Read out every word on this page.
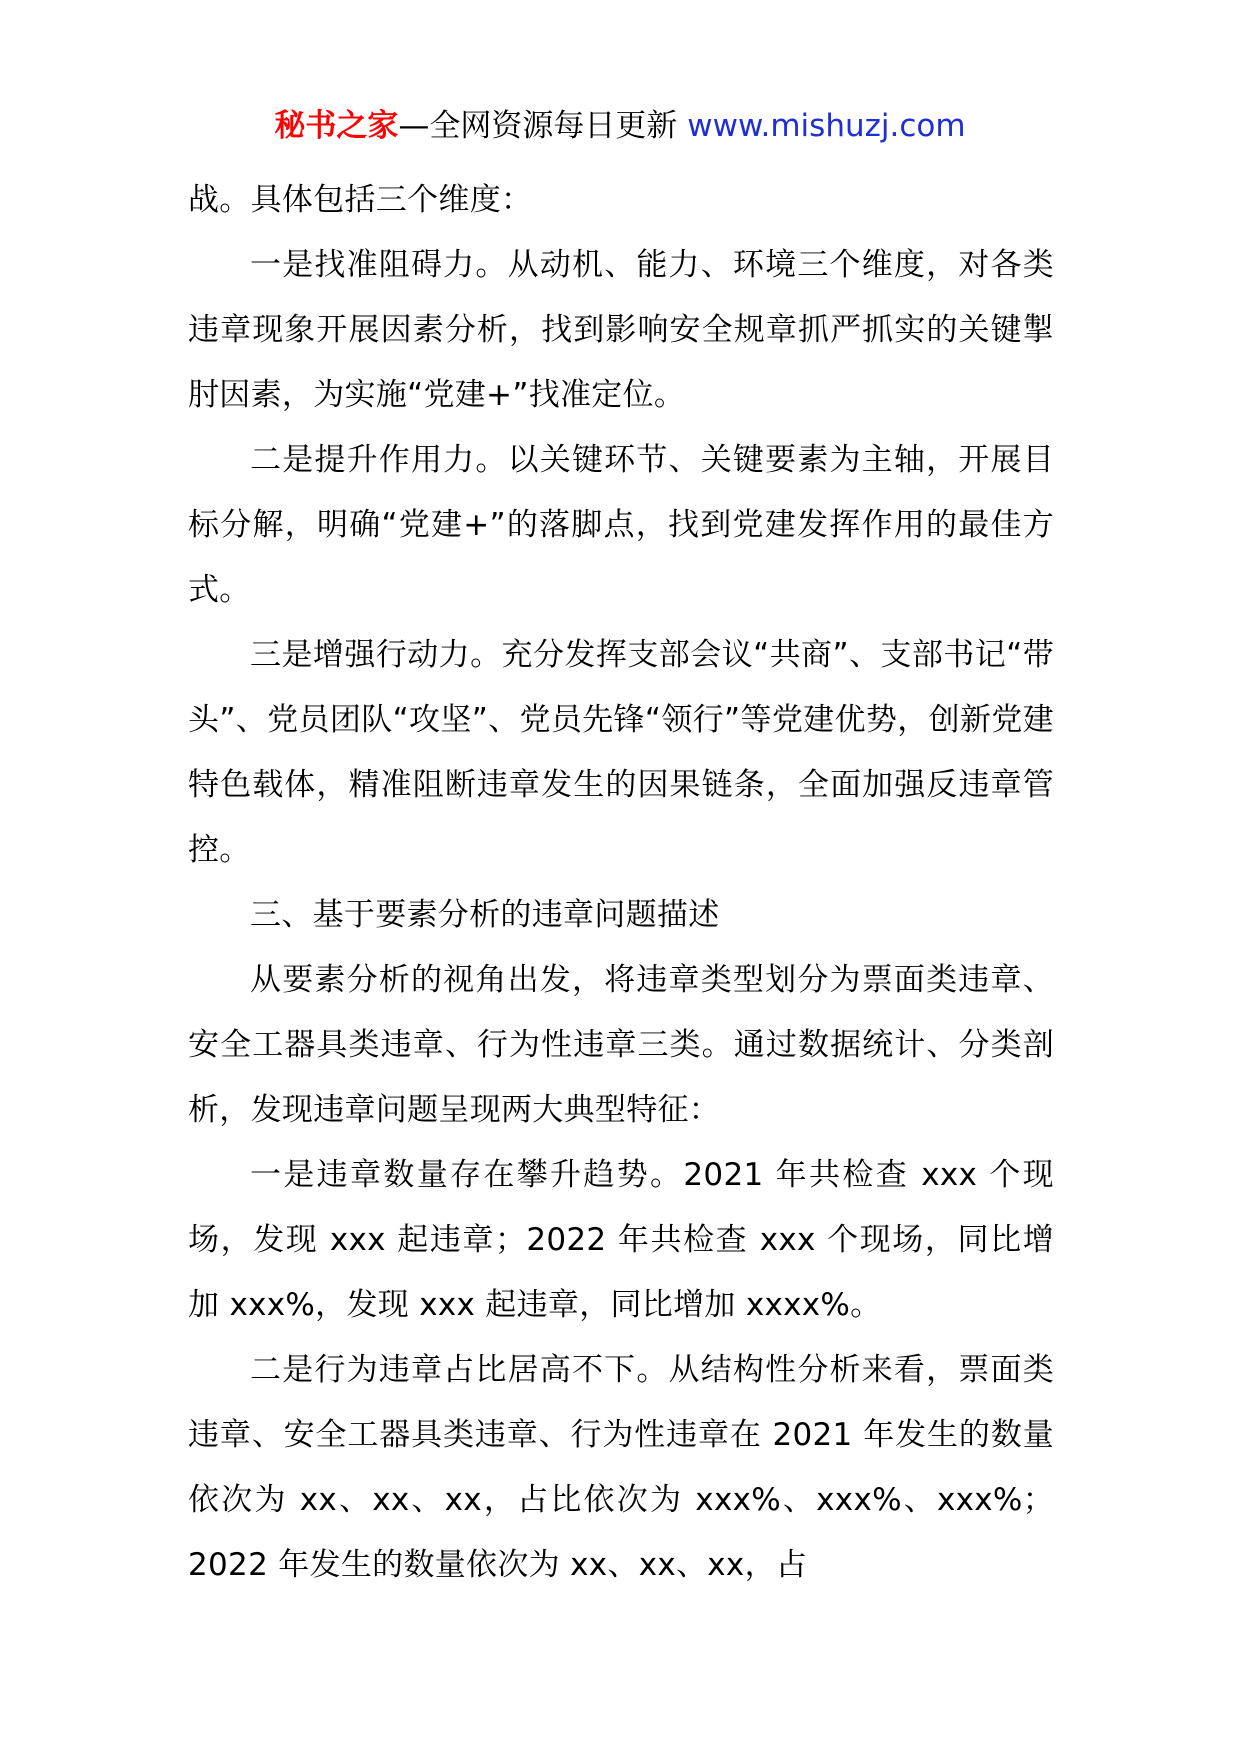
秘书之家—全网资源每日更新 www.mishuzj.com

战。具体包括三个维度：

一是找准阻碍力。从动机、能力、环境三个维度，对各类违章现象开展因素分析，找到影响安全规章抓严抓实的关键掣肘因素，为实施“党建+”找准定位。

二是提升作用力。以关键环节、关键要素为主轴，开展目标分解，明确“党建+”的落脚点，找到党建发挥作用的最佳方式。

三是增强行动力。充分发挥支部会议“共商”、支部书记“带头”、党员团队“攻坚”、党员先锋“领行”等党建优势，创新党建特色载体，精准阻断违章发生的因果链条，全面加强反违章管控。

三、基于要素分析的违章问题描述

从要素分析的视角出发，将违章类型划分为票面类违章、安全工器具类违章、行为性违章三类。通过数据统计、分类剖析，发现违章问题呈现两大典型特征：

一是违章数量存在攀升趋势。2021 年共检查 xxx 个现场，发现 xxx 起违章；2022 年共检查 xxx 个现场，同比增加 xxx%，发现 xxx 起违章，同比增加 xxxx%。

二是行为违章占比居高不下。从结构性分析来看，票面类违章、安全工器具类违章、行为性违章在 2021 年发生的数量依次为 xx、xx、xx，占比依次为 xxx%、xxx%、xxx%；2022 年发生的数量依次为 xx、xx、xx，占
